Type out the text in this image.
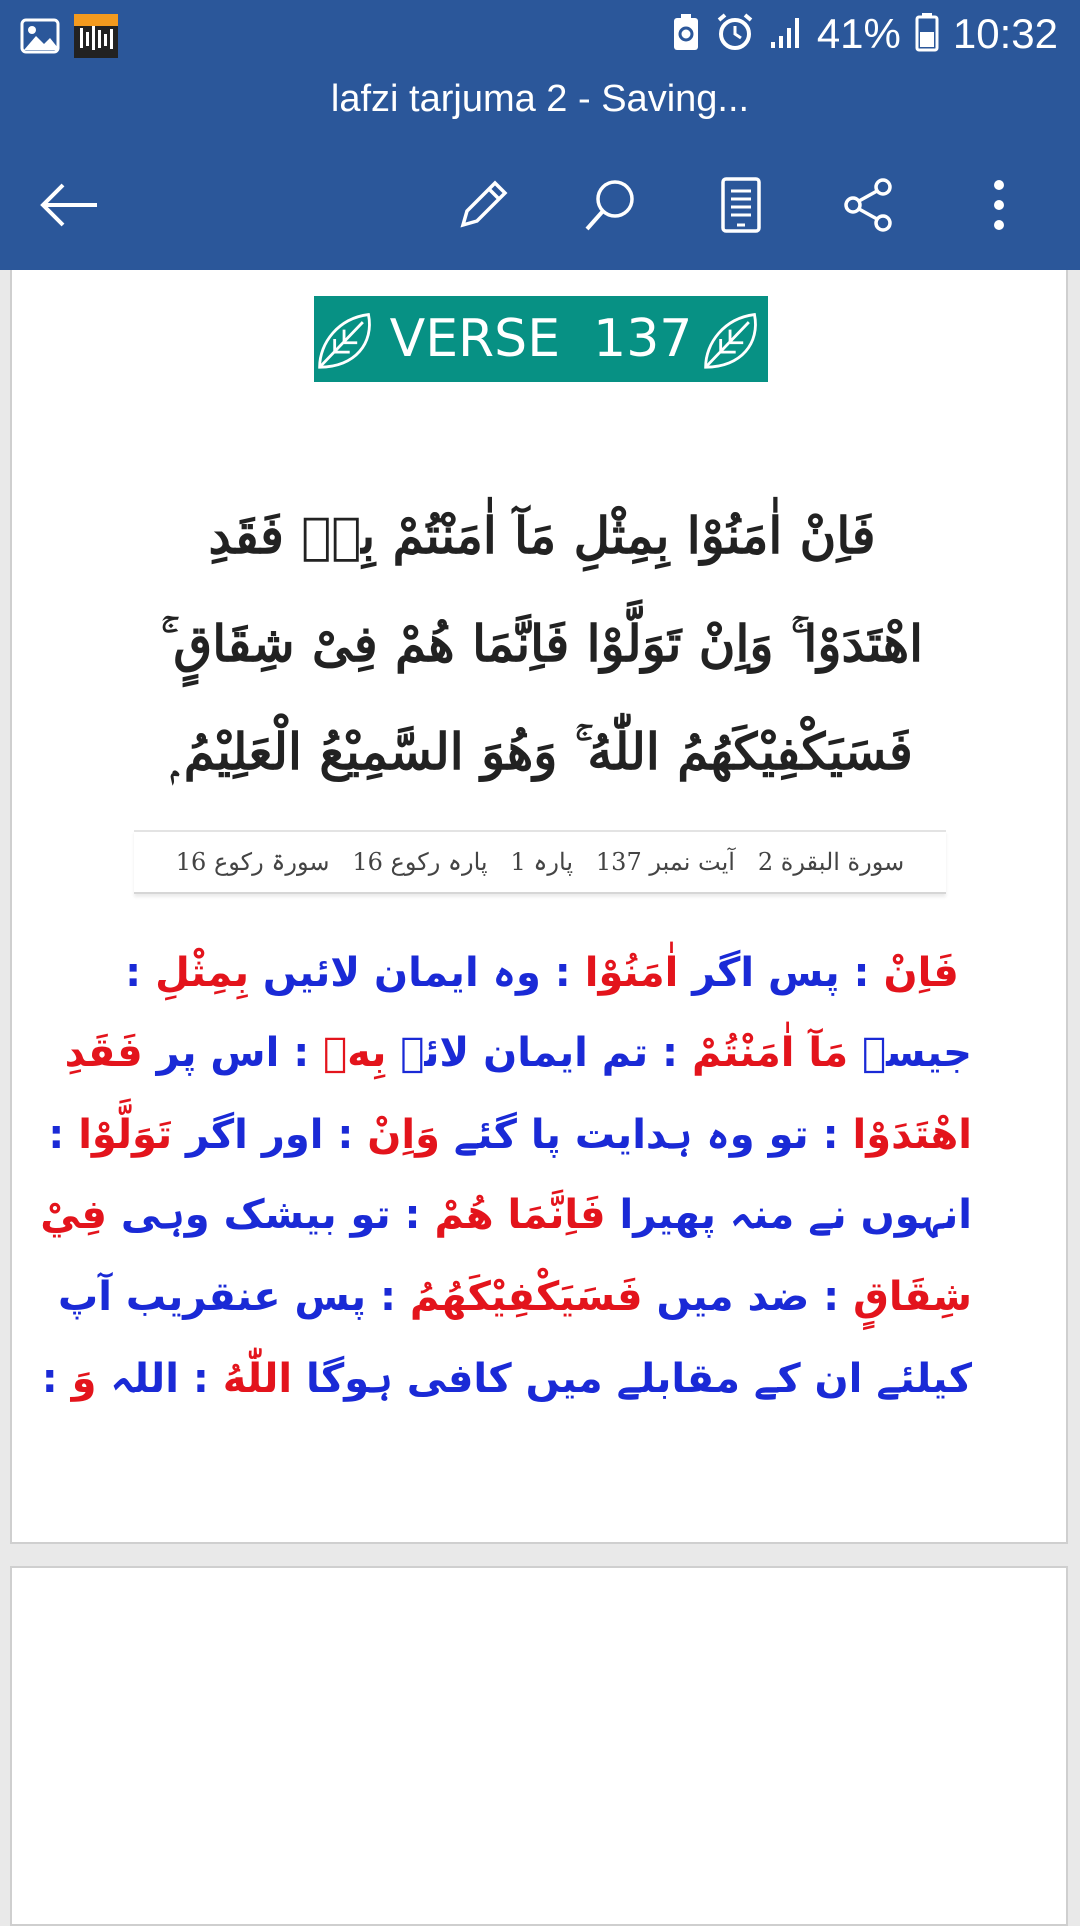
41% 10:32
lafzi tarjuma 2 - Saving...
VERSE  137
فَاِنْ اٰمَنُوْا بِمِثْلِ مَآ اٰمَنْتُمْ بِهٖ فَقَدِ
اهْتَدَوْا ۚ وَاِنْ تَوَلَّوْا فَاِنَّمَا هُمْ فِىْ شِقَاقٍ ۚ
فَسَيَكْفِيْكَهُمُ اللّٰهُ ۚ وَهُوَ السَّمِيْعُ الْعَلِيْمُ ۭ
سورة البقرة 2   آیت نمبر 137   پارہ 1   پارہ رکوع 16   سورۃ رکوع 16
فَاِنْ : پس اگر اٰمَنُوْا : وہ ایمان لائیں بِمِثْلِ :
جیسے مَآ اٰمَنْتُمْ : تم ایمان لائے بِهٖ : اس پر فَقَدِ
اهْتَدَوْا : تو وہ ہدایت پا گئے وَاِنْ : اور اگر تَوَلَّوْا :
انہوں نے منہ پھیرا فَاِنَّمَا هُمْ : تو بیشک وہی فِيْ
شِقَاقٍ : ضد میں فَسَيَكْفِيْكَهُمُ : پس عنقریب آپ
کیلئے ان کے مقابلے میں کافی ہوگا اللّٰهُ : اللہ وَ :
